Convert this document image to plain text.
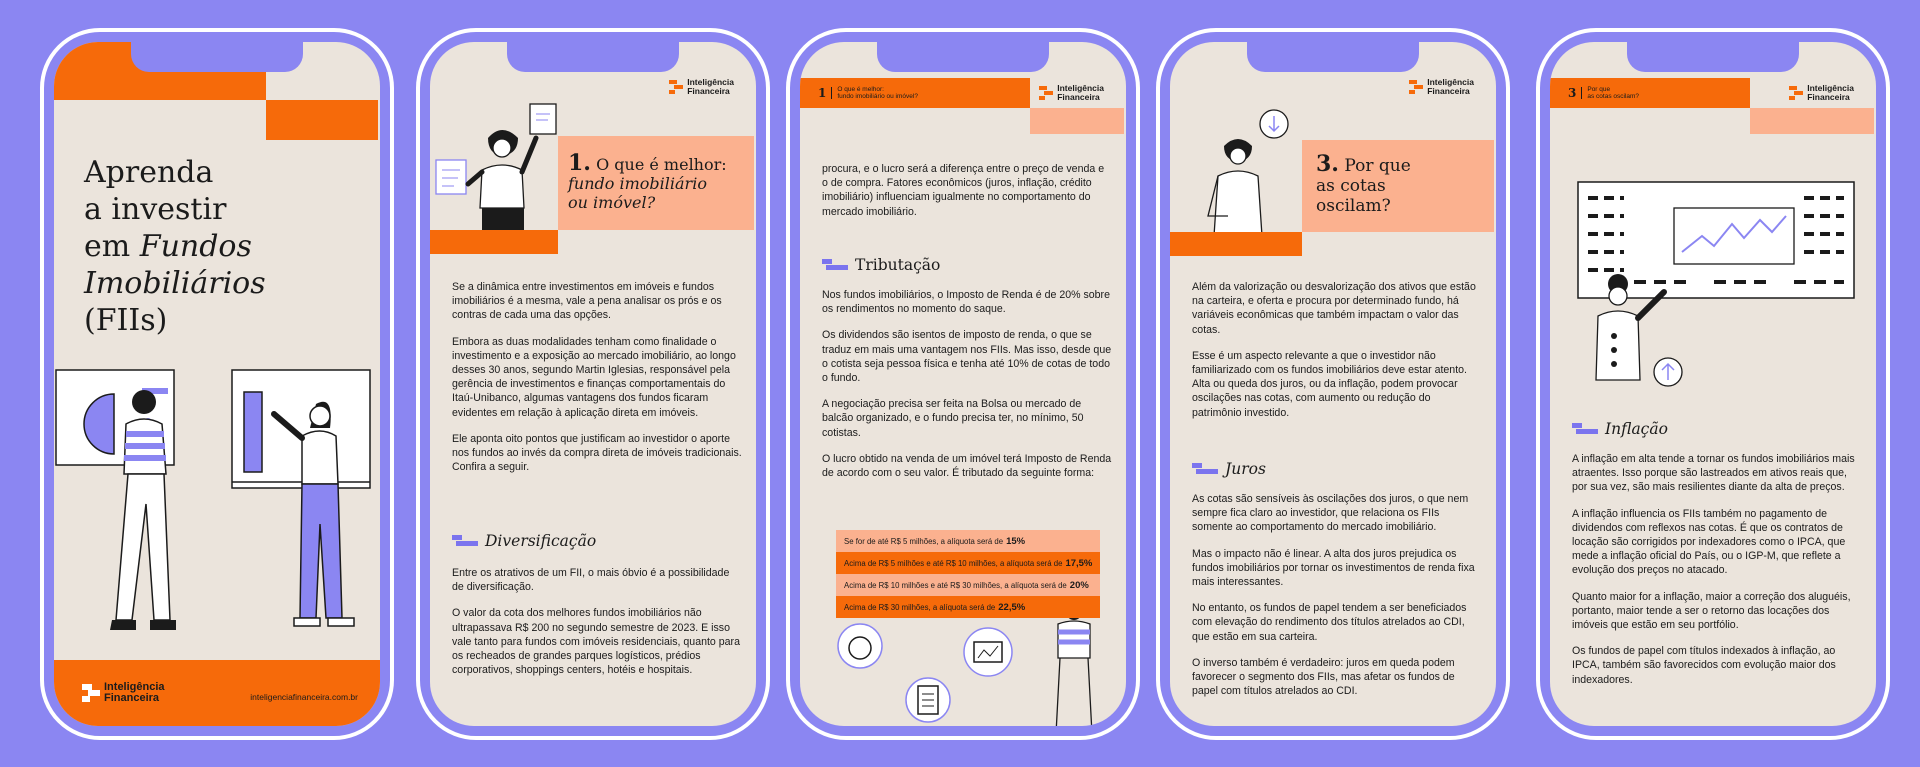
Aprenda
a investir
em Fundos
Imobiliários
(FIIs)
Inteligência
Financeira	inteligenciafinanceira.com.br
Inteligência
Financeira
1. O que é melhor:
fundo imobiliário
ou imóvel?

Se a dinâmica entre investimentos em imóveis e fundos imobiliários é a mesma, vale a pena analisar os prós e os contras de cada uma das opções.

Embora as duas modalidades tenham como finalidade o investimento e a exposição ao mercado imobiliário, ao longo desses 30 anos, segundo Martin Iglesias, responsável pela gerência de investimentos e finanças comportamentais do Itaú-Unibanco, algumas vantagens dos fundos ficaram evidentes em relação à aplicação direta em imóveis.

Ele aponta oito pontos que justificam ao investidor o aporte nos fundos ao invés da compra direta de imóveis tradicionais. Confira a seguir.

Diversificação

Entre os atrativos de um FII, o mais óbvio é a possibilidade de diversificação.

O valor da cota dos melhores fundos imobiliários não ultrapassava R$ 200 no segundo semestre de 2023. E isso vale tanto para fundos com imóveis residenciais, quanto para os recheados de grandes parques logísticos, prédios corporativos, shoppings centers, hotéis e hospitais.

1 O que é melhor:
fundo imobiliário ou imóvel?
Inteligência
Financeira

procura, e o lucro será a diferença entre o preço de venda e o de compra. Fatores econômicos (juros, inflação, crédito imobiliário) influenciam igualmente no comportamento do mercado imobiliário.

Tributação

Nos fundos imobiliários, o Imposto de Renda é de 20% sobre os rendimentos no momento do saque.

Os dividendos são isentos de imposto de renda, o que se traduz em mais uma vantagem nos FIIs. Mas isso, desde que o cotista seja pessoa física e tenha até 10% de cotas de todo o fundo.

A negociação precisa ser feita na Bolsa ou mercado de balcão organizado, e o fundo precisa ter, no mínimo, 50 cotistas.

O lucro obtido na venda de um imóvel terá Imposto de Renda de acordo com o seu valor. É tributado da seguinte forma:

Se for de até R$ 5 milhões, a alíquota será de 15%
Acima de R$ 5 milhões e até R$ 10 milhões, a alíquota será de 17,5%
Acima de R$ 10 milhões e até R$ 30 milhões, a alíquota será de 20%
Acima de R$ 30 milhões, a alíquota será de 22,5%
Inteligência
Financeira
3. Por que
as cotas
oscilam?

Além da valorização ou desvalorização dos ativos que estão na carteira, e oferta e procura por determinado fundo, há variáveis econômicas que também impactam o valor das cotas.

Esse é um aspecto relevante a que o investidor não familiarizado com os fundos imobiliários deve estar atento. Alta ou queda dos juros, ou da inflação, podem provocar oscilações nas cotas, com aumento ou redução do patrimônio investido.

Juros

As cotas são sensíveis às oscilações dos juros, o que nem sempre fica claro ao investidor, que relaciona os FIIs somente ao comportamento do mercado imobiliário.

Mas o impacto não é linear. A alta dos juros prejudica os fundos imobiliários por tornar os investimentos de renda fixa mais interessantes.

No entanto, os fundos de papel tendem a ser beneficiados com elevação do rendimento dos títulos atrelados ao CDI, que estão em sua carteira.

O inverso também é verdadeiro: juros em queda podem favorecer o segmento dos FIIs, mas afetar os fundos de papel com títulos atrelados ao CDI.

3 Por que
as cotas oscilam?
Inteligência
Financeira
Inflação

A inflação em alta tende a tornar os fundos imobiliários mais atraentes. Isso porque são lastreados em ativos reais que, por sua vez, são mais resilientes diante da alta de preços.

A inflação influencia os FIIs também no pagamento de dividendos com reflexos nas cotas. É que os contratos de locação são corrigidos por indexadores como o IPCA, que mede a inflação oficial do País, ou o IGP-M, que reflete a evolução dos preços no atacado.

Quanto maior for a inflação, maior a correção dos aluguéis, portanto, maior tende a ser o retorno das locações dos imóveis que estão em seu portfólio.

Os fundos de papel com títulos indexados à inflação, ao IPCA, também são favorecidos com evolução maior dos indexadores.
